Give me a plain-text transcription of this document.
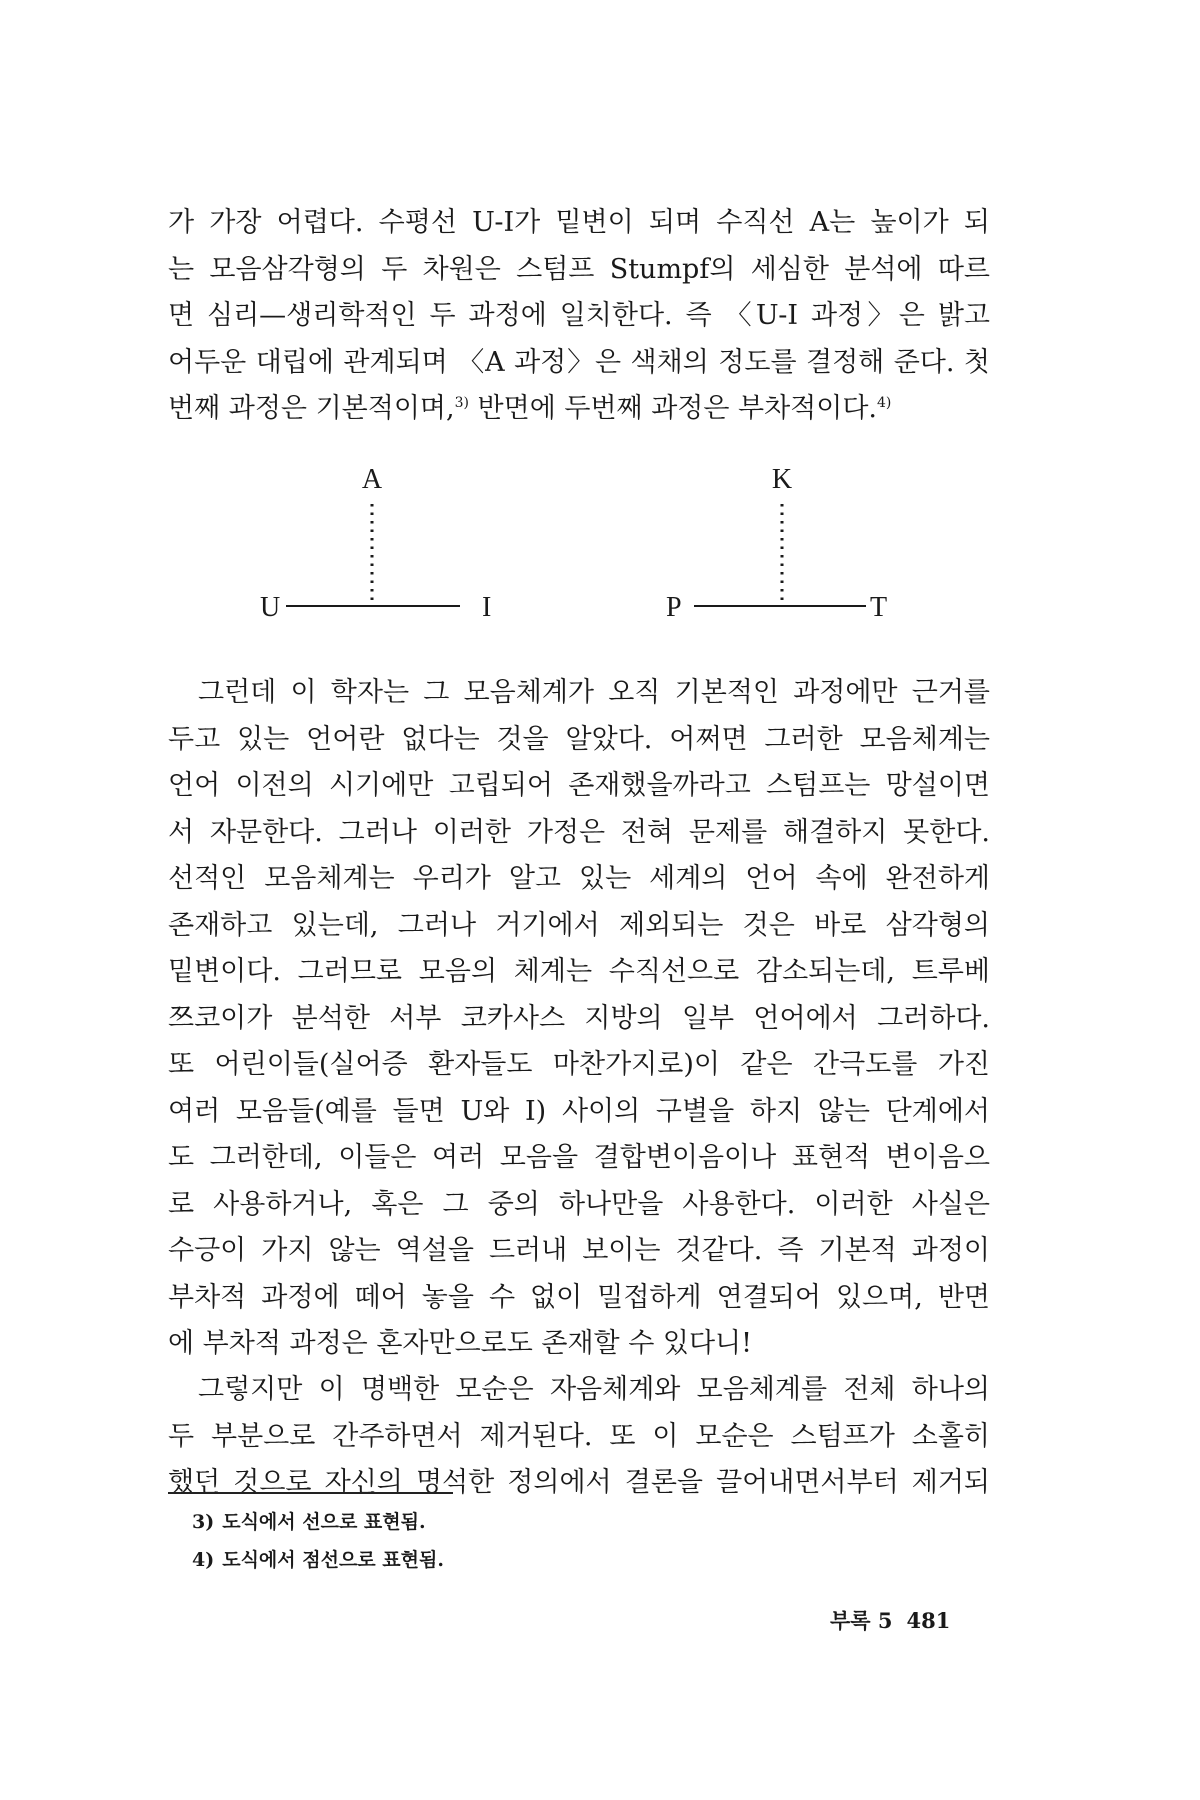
가 가장 어렵다. 수평선 U-I가 밑변이 되며 수직선 A는 높이가 되
는 모음삼각형의 두 차원은 스텀프 Stumpf의 세심한 분석에 따르
면 심리—생리학적인 두 과정에 일치한다. 즉 〈U-I 과정〉은 밝고
어두운 대립에 관계되며 〈A 과정〉은 색채의 정도를 결정해 준다. 첫
번째 과정은 기본적이며,$^{3)}$ 반면에 두번째 과정은 부차적이다.$^{4)}$
A
U	I
K
P	T
그런데 이 학자는 그 모음체계가 오직 기본적인 과정에만 근거를
두고 있는 언어란 없다는 것을 알았다. 어쩌면 그러한 모음체계는
언어 이전의 시기에만 고립되어 존재했을까라고 스텀프는 망설이면
서 자문한다. 그러나 이러한 가정은 전혀 문제를 해결하지 못한다.
선적인 모음체계는 우리가 알고 있는 세계의 언어 속에 완전하게
존재하고 있는데, 그러나 거기에서 제외되는 것은 바로 삼각형의
밑변이다. 그러므로 모음의 체계는 수직선으로 감소되는데, 트루베
쯔코이가 분석한 서부 코카사스 지방의 일부 언어에서 그러하다.
또 어린이들(실어증 환자들도 마찬가지로)이 같은 간극도를 가진
여러 모음들(예를 들면 U와 I) 사이의 구별을 하지 않는 단계에서
도 그러한데, 이들은 여러 모음을 결합변이음이나 표현적 변이음으
로 사용하거나, 혹은 그 중의 하나만을 사용한다. 이러한 사실은
수긍이 가지 않는 역설을 드러내 보이는 것같다. 즉 기본적 과정이
부차적 과정에 떼어 놓을 수 없이 밀접하게 연결되어 있으며, 반면
에 부차적 과정은 혼자만으로도 존재할 수 있다니!
그렇지만 이 명백한 모순은 자음체계와 모음체계를 전체 하나의
두 부분으로 간주하면서 제거된다. 또 이 모순은 스텀프가 소홀히
했던 것으로 자신의 명석한 정의에서 결론을 끌어내면서부터 제거되
3) 도식에서 선으로 표현됨.
4) 도식에서 점선으로 표현됨.
부록 5 481
